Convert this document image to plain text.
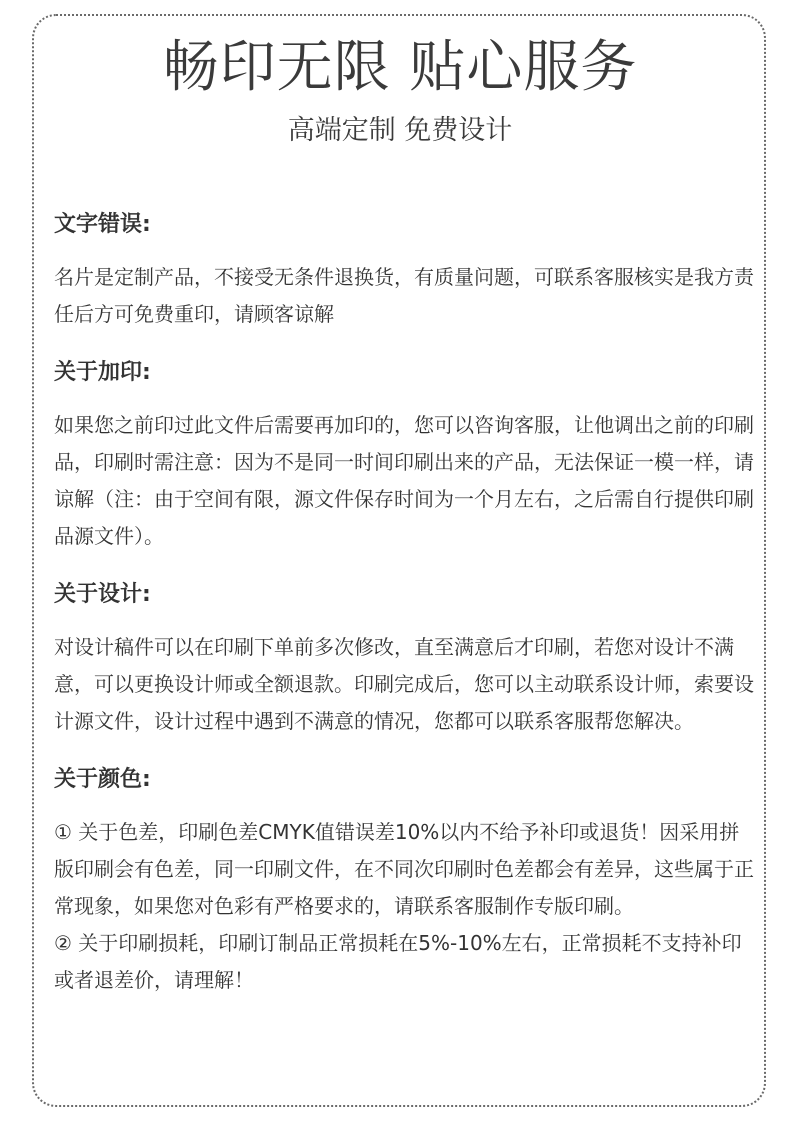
畅印无限 贴心服务
高端定制 免费设计
文字错误:

名片是定制产品，不接受无条件退换货，有质量问题，可联系客服核实是我方责任后方可免费重印，请顾客谅解

关于加印:

如果您之前印过此文件后需要再加印的，您可以咨询客服，让他调出之前的印刷品，印刷时需注意：因为不是同一时间印刷出来的产品，无法保证一模一样，请谅解（注：由于空间有限，源文件保存时间为一个月左右，之后需自行提供印刷品源文件）。

关于设计:

对设计稿件可以在印刷下单前多次修改，直至满意后才印刷，若您对设计不满意，可以更换设计师或全额退款。印刷完成后，您可以主动联系设计师，索要设计源文件，设计过程中遇到不满意的情况，您都可以联系客服帮您解决。

关于颜色:

① 关于色差，印刷色差CMYK值错误差10%以内不给予补印或退货！因采用拼版印刷会有色差，同一印刷文件，在不同次印刷时色差都会有差异，这些属于正常现象，如果您对色彩有严格要求的，请联系客服制作专版印刷。

② 关于印刷损耗，印刷订制品正常损耗在5%-10%左右，正常损耗不支持补印或者退差价，请理解！
